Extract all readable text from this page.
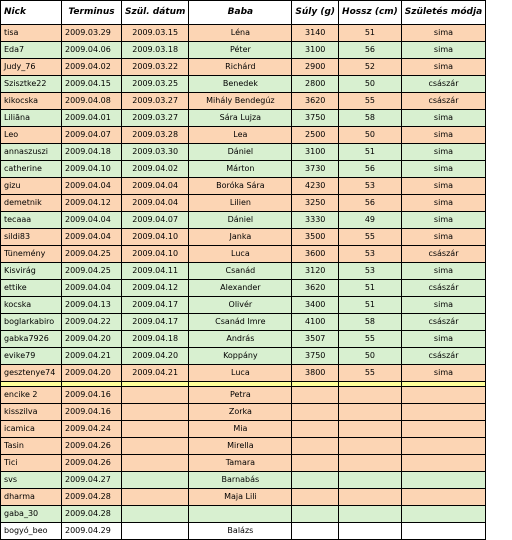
Nick	Terminus	Szül. dátum	Baba	Súly (g)	Hossz (cm)	Születés módja
tisa	2009.03.29	2009.03.15	Léna	3140	51	sima
Eda7	2009.04.06	2009.03.18	Péter	3100	56	sima
Judy_76	2009.04.02	2009.03.22	Richárd	2900	52	sima
Szisztke22	2009.04.15	2009.03.25	Benedek	2800	50	császár
kikocska	2009.04.08	2009.03.27	Mihály Bendegúz	3620	55	császár
Liliāna	2009.04.01	2009.03.27	Sára Lujza	3750	58	sima
Leo	2009.04.07	2009.03.28	Lea	2500	50	sima
annaszuszi	2009.04.18	2009.03.30	Dániel	3100	51	sima
catherine	2009.04.10	2009.04.02	Márton	3730	56	sima
gizu	2009.04.04	2009.04.04	Boróka Sára	4230	53	sima
demetnik	2009.04.12	2009.04.04	Lilien	3250	56	sima
tecaaa	2009.04.04	2009.04.07	Dániel	3330	49	sima
sildi83	2009.04.04	2009.04.10	Janka	3500	55	sima
Tünemény	2009.04.25	2009.04.10	Luca	3600	53	császár
Kisvirág	2009.04.25	2009.04.11	Csanád	3120	53	sima
ettike	2009.04.04	2009.04.12	Alexander	3620	51	császár
kocska	2009.04.13	2009.04.17	Olivér	3400	51	sima
boglarkabiro	2009.04.22	2009.04.17	Csanád Imre	4100	58	császár
gabka7926	2009.04.20	2009.04.18	András	3507	55	sima
evike79	2009.04.21	2009.04.20	Koppány	3750	50	császár
gesztenye74	2009.04.20	2009.04.21	Luca	3800	55	sima

encike 2	2009.04.16		Petra			
kisszilva	2009.04.16		Zorka			
icamica	2009.04.24		Mia			
Tasin	2009.04.26		Mirella			
Tici	2009.04.26		Tamara			
svs	2009.04.27		Barnabás			
dharma	2009.04.28		Maja Lili			
gaba_30	2009.04.28					
bogyó_beo	2009.04.29		Balázs			
